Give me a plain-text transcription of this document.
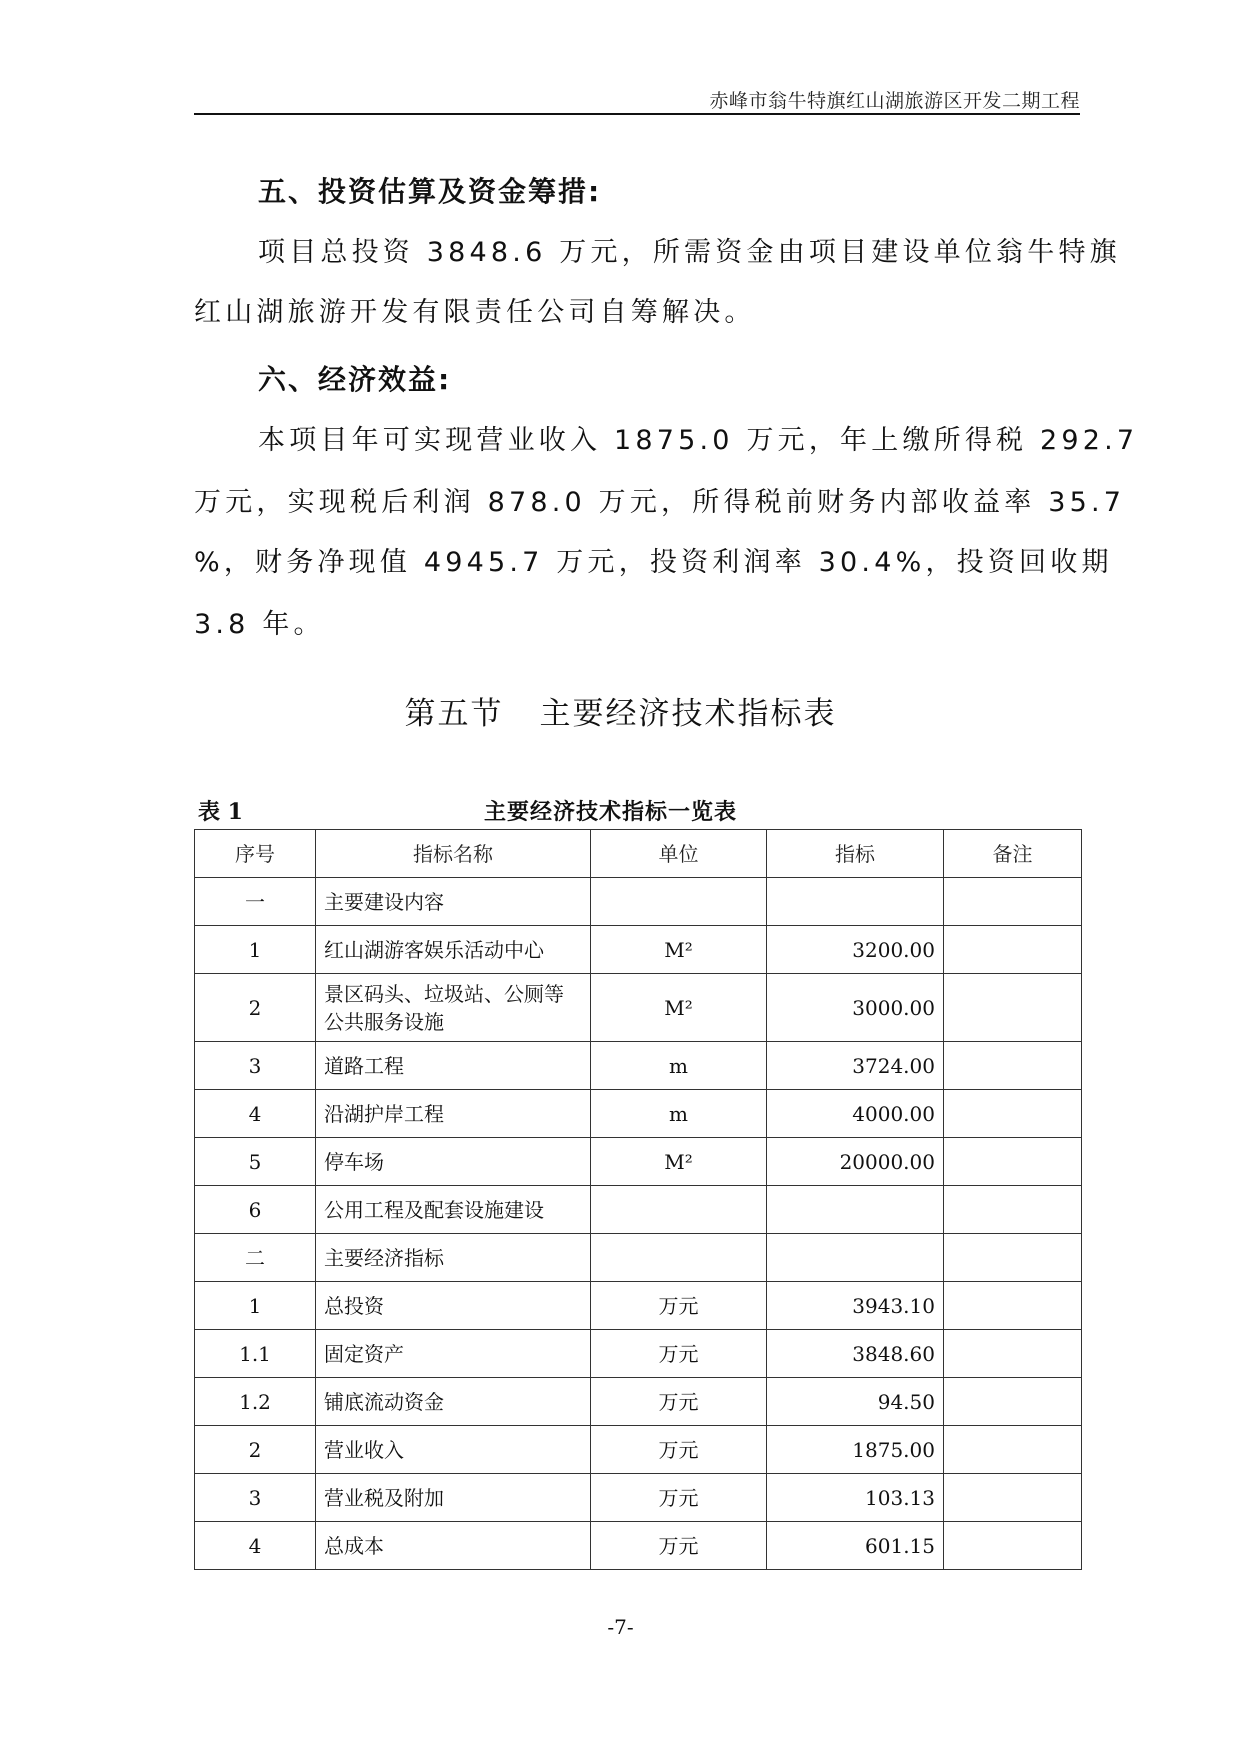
赤峰市翁牛特旗红山湖旅游区开发二期工程
五、投资估算及资金筹措:
项目总投资 3848.6 万元，所需资金由项目建设单位翁牛特旗
红山湖旅游开发有限责任公司自筹解决。
六、经济效益:
本项目年可实现营业收入 1875.0 万元，年上缴所得税 292.7
万元，实现税后利润 878.0 万元，所得税前财务内部收益率 35.7
%，财务净现值 4945.7 万元，投资利润率 30.4%，投资回收期
3.8 年。
第五节 主要经济技术指标表
表 1	主要经济技术指标一览表
序号	指标名称	单位	指标	备注
一	主要建设内容			
1	红山湖游客娱乐活动中心	M²	3200.00	
2	景区码头、垃圾站、公厕等公共服务设施	M²	3000.00	
3	道路工程	m	3724.00	
4	沿湖护岸工程	m	4000.00	
5	停车场	M²	20000.00	
6	公用工程及配套设施建设			
二	主要经济指标			
1	总投资	万元	3943.10	
1.1	固定资产	万元	3848.60	
1.2	铺底流动资金	万元	94.50	
2	营业收入	万元	1875.00	
3	营业税及附加	万元	103.13	
4	总成本	万元	601.15	
-7-
